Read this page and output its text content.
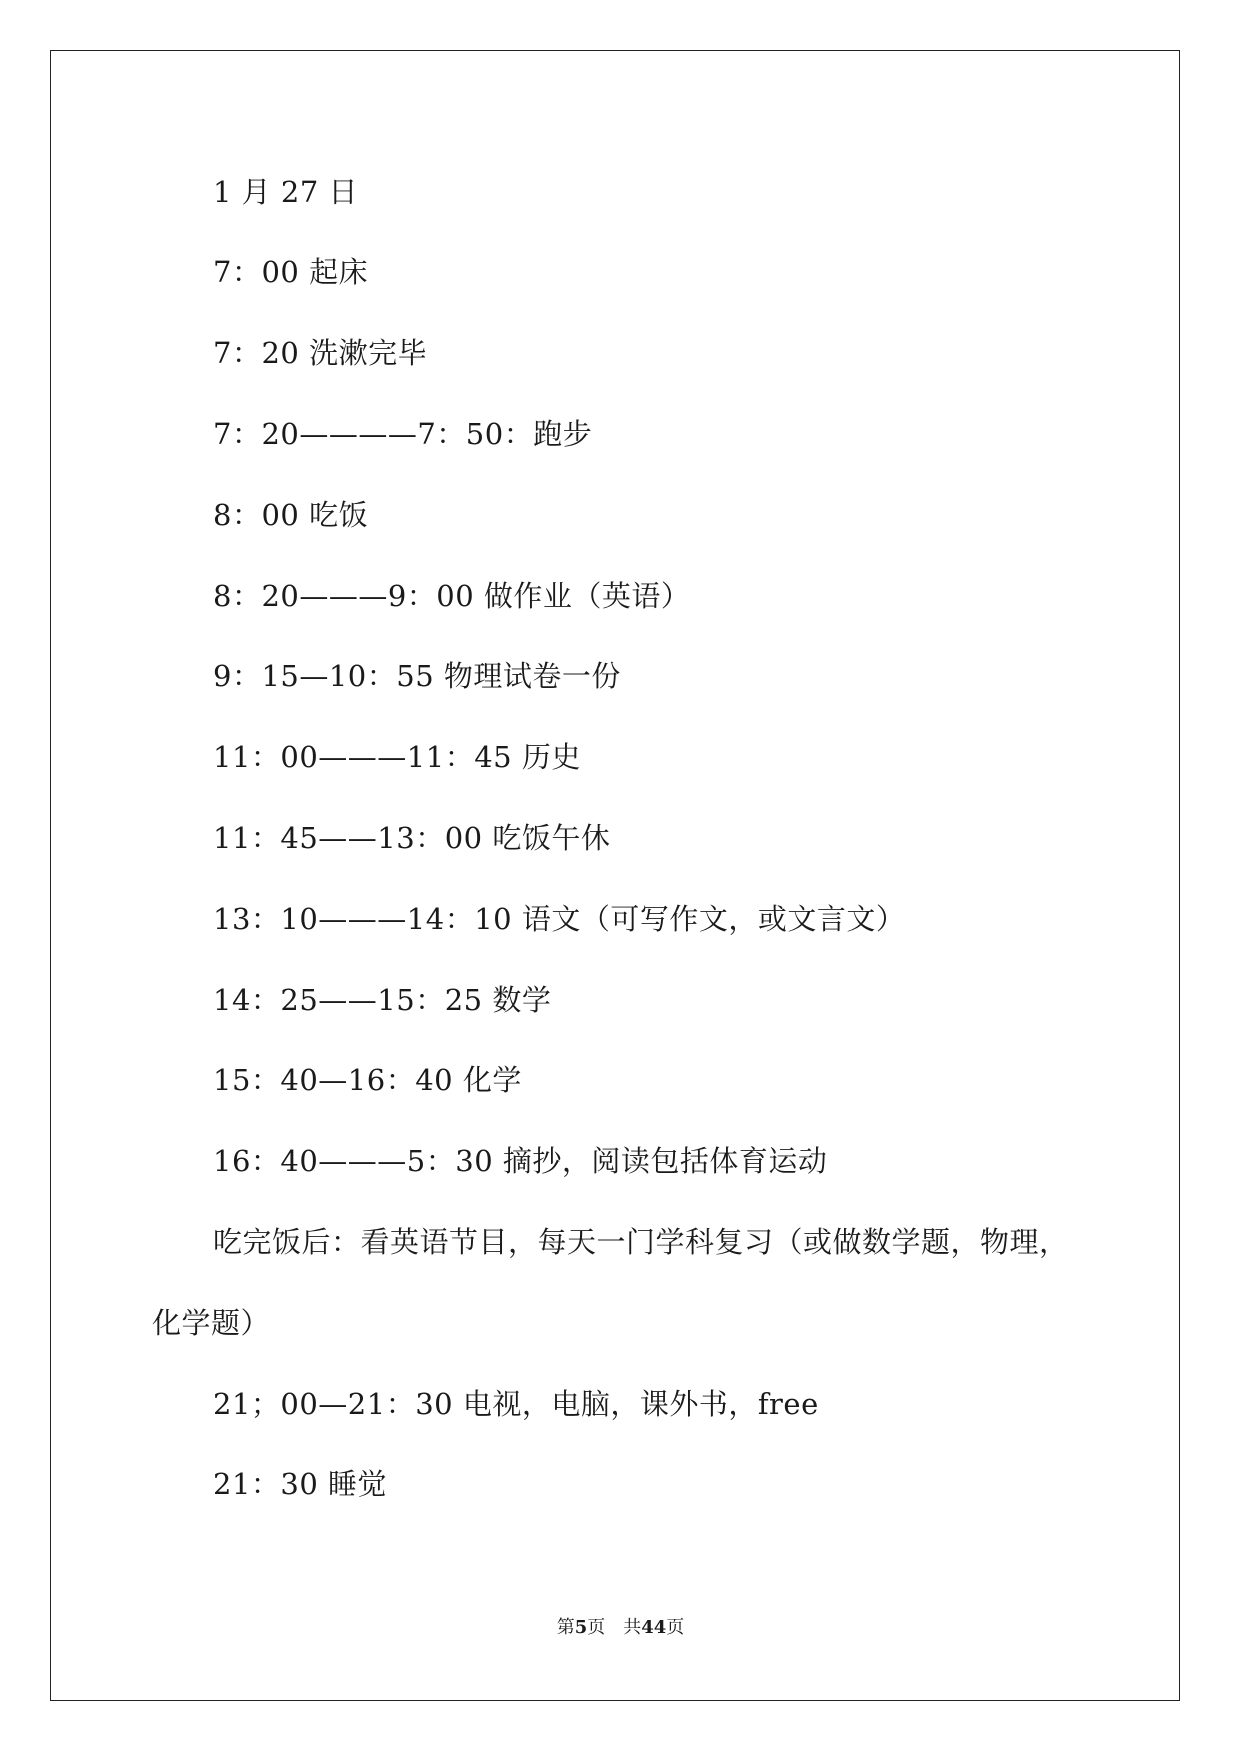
1 月 27 日
7：00 起床
7：20 洗漱完毕
7：20————7：50：跑步
8：00 吃饭
8：20———9：00 做作业（英语）
9：15—10：55 物理试卷一份
11：00———11：45 历史
11：45——13：00 吃饭午休
13：10———14：10 语文（可写作文，或文言文）
14：25——15：25 数学
15：40—16：40 化学
16：40———5：30 摘抄，阅读包括体育运动
吃完饭后：看英语节目，每天一门学科复习（或做数学题，物理，
化学题）
21；00—21：30 电视，电脑，课外书，free
21：30 睡觉
第5页 共44页
